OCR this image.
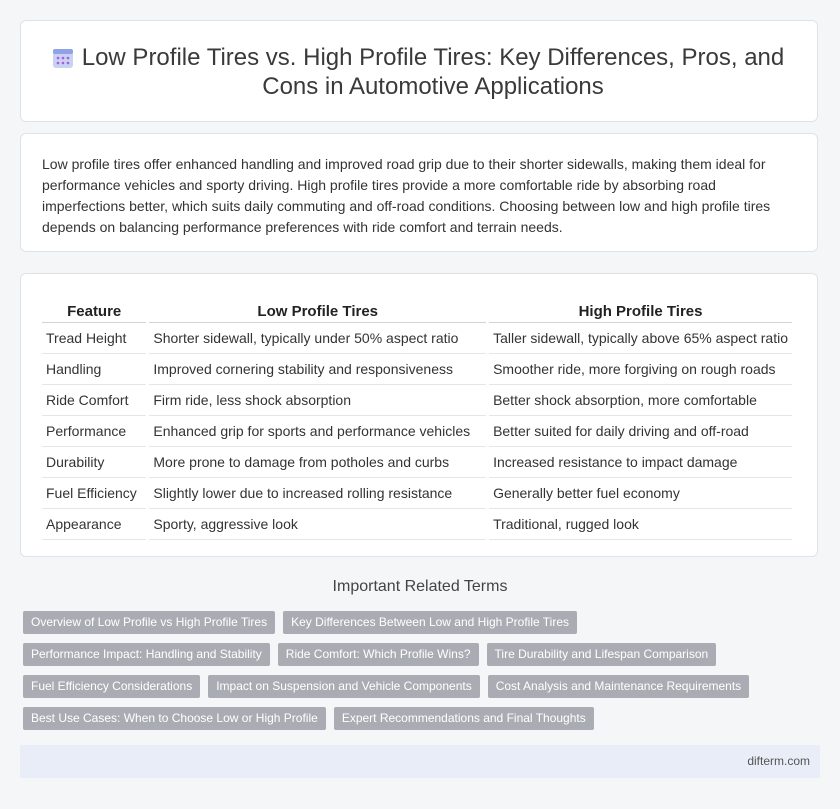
Low Profile Tires vs. High Profile Tires: Key Differences, Pros, and Cons in Automotive Applications

Low profile tires offer enhanced handling and improved road grip due to their shorter sidewalls, making them ideal for performance vehicles and sporty driving. High profile tires provide a more comfortable ride by absorbing road imperfections better, which suits daily commuting and off-road conditions. Choosing between low and high profile tires depends on balancing performance preferences with ride comfort and terrain needs.

Feature	Low Profile Tires	High Profile Tires
Tread Height	Shorter sidewall, typically under 50% aspect ratio	Taller sidewall, typically above 65% aspect ratio
Handling	Improved cornering stability and responsiveness	Smoother ride, more forgiving on rough roads
Ride Comfort	Firm ride, less shock absorption	Better shock absorption, more comfortable
Performance	Enhanced grip for sports and performance vehicles	Better suited for daily driving and off-road
Durability	More prone to damage from potholes and curbs	Increased resistance to impact damage
Fuel Efficiency	Slightly lower due to increased rolling resistance	Generally better fuel economy
Appearance	Sporty, aggressive look	Traditional, rugged look
Important Related Terms
Overview of Low Profile vs High Profile Tires	Key Differences Between Low and High Profile Tires
Performance Impact: Handling and Stability	Ride Comfort: Which Profile Wins?	Tire Durability and Lifespan Comparison
Fuel Efficiency Considerations	Impact on Suspension and Vehicle Components	Cost Analysis and Maintenance Requirements
Best Use Cases: When to Choose Low or High Profile	Expert Recommendations and Final Thoughts
difterm.com
